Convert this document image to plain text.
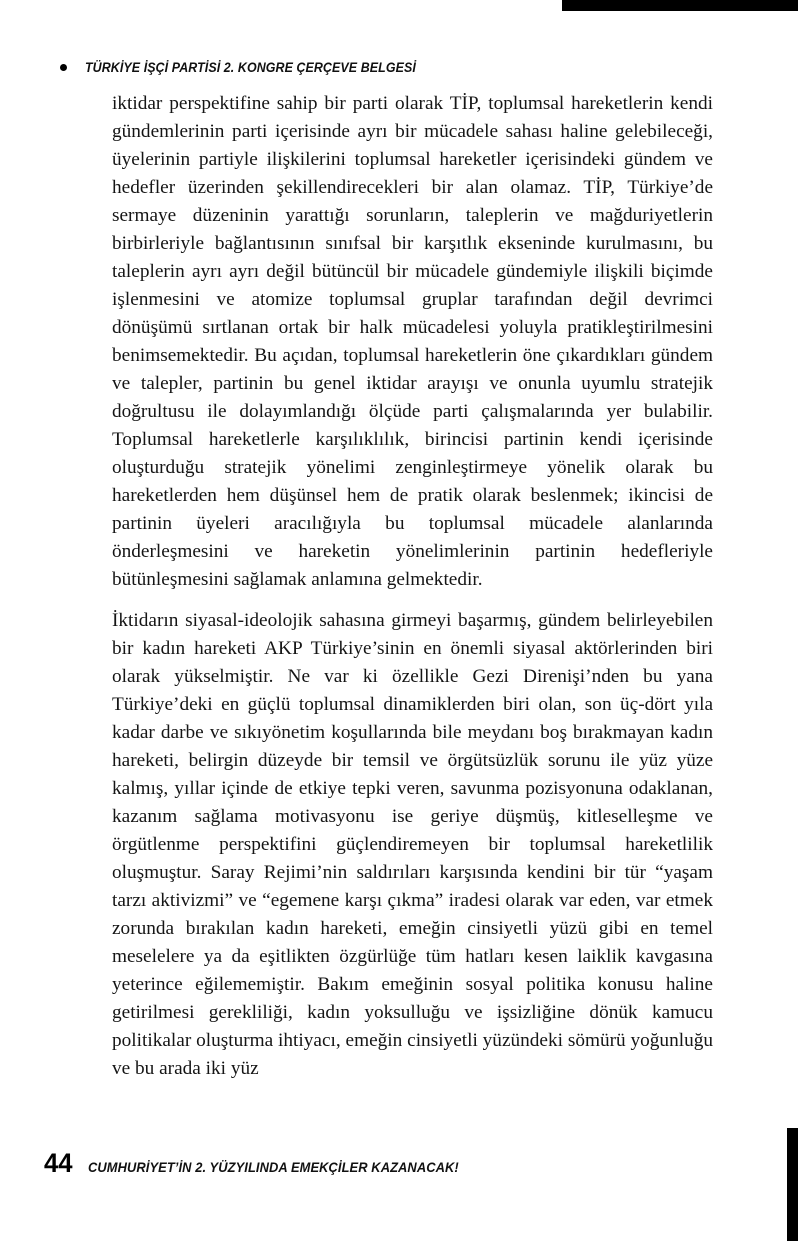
TÜRKİYE İŞÇİ PARTİSİ 2. KONGRE ÇERÇEVE BELGESİ

iktidar perspektifine sahip bir parti olarak TİP, toplumsal hareketlerin kendi gündemlerinin parti içerisinde ayrı bir mücadele sahası haline gelebileceği, üyelerinin partiyle ilişkilerini toplumsal hareketler içerisindeki gündem ve hedefler üzerinden şekillendirecekleri bir alan olamaz. TİP, Türkiye’de sermaye düzeninin yarattığı sorunların, taleplerin ve mağduriyetlerin birbirleriyle bağlantısının sınıfsal bir karşıtlık ekseninde kurulmasını, bu taleplerin ayrı ayrı değil bütüncül bir mücadele gündemiyle ilişkili biçimde işlenmesini ve atomize toplumsal gruplar tarafından değil devrimci dönüşümü sırtlanan ortak bir halk mücadelesi yoluyla pratikleştirilmesini benimsemektedir. Bu açıdan, toplumsal hareketlerin öne çıkardıkları gündem ve talepler, partinin bu genel iktidar arayışı ve onunla uyumlu stratejik doğrultusu ile dolayımlandığı ölçüde parti çalışmalarında yer bulabilir. Toplumsal hareketlerle karşılıklılık, birincisi partinin kendi içerisinde oluşturduğu stratejik yönelimi zenginleştirmeye yönelik olarak bu hareketlerden hem düşünsel hem de pratik olarak beslenmek; ikincisi de partinin üyeleri aracılığıyla bu toplumsal mücadele alanlarında önderleşmesini ve hareketin yönelimlerinin partinin hedefleriyle bütünleşmesini sağlamak anlamına gelmektedir.

İktidarın siyasal-ideolojik sahasına girmeyi başarmış, gündem belirleyebilen bir kadın hareketi AKP Türkiye’sinin en önemli siyasal aktörlerinden biri olarak yükselmiştir. Ne var ki özellikle Gezi Direnişi’nden bu yana Türkiye’deki en güçlü toplumsal dinamiklerden biri olan, son üç-dört yıla kadar darbe ve sıkıyönetim koşullarında bile meydanı boş bırakmayan kadın hareketi, belirgin düzeyde bir temsil ve örgütsüzlük sorunu ile yüz yüze kalmış, yıllar içinde de etkiye tepki veren, savunma pozisyonuna odaklanan, kazanım sağlama motivasyonu ise geriye düşmüş, kitleselleşme ve örgütlenme perspektifini güçlendiremeyen bir toplumsal hareketlilik oluşmuştur. Saray Rejimi’nin saldırıları karşısında kendini bir tür “yaşam tarzı aktivizmi” ve “egemene karşı çıkma” iradesi olarak var eden, var etmek zorunda bırakılan kadın hareketi, emeğin cinsiyetli yüzü gibi en temel meselelere ya da eşitlikten özgürlüğe tüm hatları kesen laiklik kavgasına yeterince eğilememiştir. Bakım emeğinin sosyal politika konusu haline getirilmesi gerekliliği, kadın yoksulluğu ve işsizliğine dönük kamucu politikalar oluşturma ihtiyacı, emeğin cinsiyetli yüzündeki sömürü yoğunluğu ve bu arada iki yüz

44 CUMHURİYET’İN 2. YÜZYILINDA EMEKÇİLER KAZANACAK!
